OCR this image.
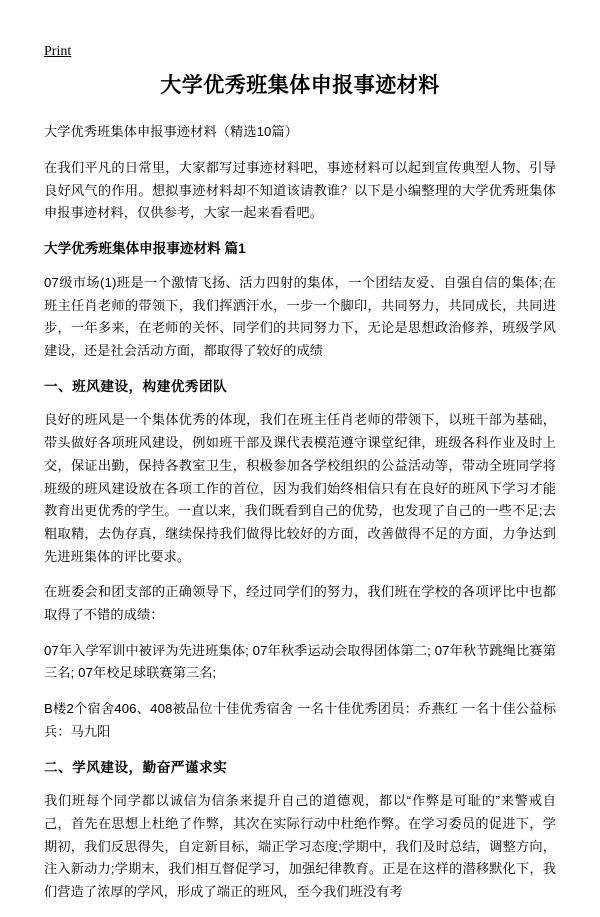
Print
大学优秀班集体申报事迹材料

大学优秀班集体申报事迹材料（精选10篇）

在我们平凡的日常里，大家都写过事迹材料吧，事迹材料可以起到宣传典型人物、引导良好风气的作用。想拟事迹材料却不知道该请教谁？以下是小编整理的大学优秀班集体申报事迹材料，仅供参考，大家一起来看看吧。

大学优秀班集体申报事迹材料 篇1

07级市场(1)班是一个激情飞扬、活力四射的集体，一个团结友爱、自强自信的集体;在班主任肖老师的带领下，我们挥洒汗水，一步一个脚印，共同努力，共同成长，共同进步，一年多来，在老师的关怀、同学们的共同努力下，无论是思想政治修养，班级学风建设，还是社会活动方面，都取得了较好的成绩

一、班风建设，构建优秀团队

良好的班风是一个集体优秀的体现，我们在班主任肖老师的带领下，以班干部为基础，带头做好各项班风建设，例如班干部及课代表模范遵守课堂纪律，班级各科作业及时上交，保证出勤，保持各教室卫生，积极参加各学校组织的公益活动等，带动全班同学将班级的班风建设放在各项工作的首位，因为我们始终相信只有在良好的班风下学习才能教育出更优秀的学生。一直以来，我们既看到自己的优势，也发现了自己的一些不足;去粗取精，去伪存真，继续保持我们做得比较好的方面，改善做得不足的方面，力争达到先进班集体的评比要求。

在班委会和团支部的正确领导下，经过同学们的努力，我们班在学校的各项评比中也都取得了不错的成绩：

07年入学军训中被评为先进班集体; 07年秋季运动会取得团体第二; 07年秋节跳绳比赛第三名; 07年校足球联赛第三名;

B楼2个宿舍406、408被品位十佳优秀宿舍 一名十佳优秀团员：乔燕红 一名十佳公益标兵：马九阳

二、学风建设，勤奋严谨求实

我们班每个同学都以诚信为信条来提升自己的道德观，都以“作弊是可耻的”来警戒自己，首先在思想上杜绝了作弊，其次在实际行动中杜绝作弊。在学习委员的促进下，学期初，我们反思得失，自定新目标，端正学习态度;学期中，我们及时总结，调整方向，注入新动力;学期末，我们相互督促学习，加强纪律教育。正是在这样的潜移默化下，我们营造了浓厚的学风，形成了端正的班风，至今我们班没有考
